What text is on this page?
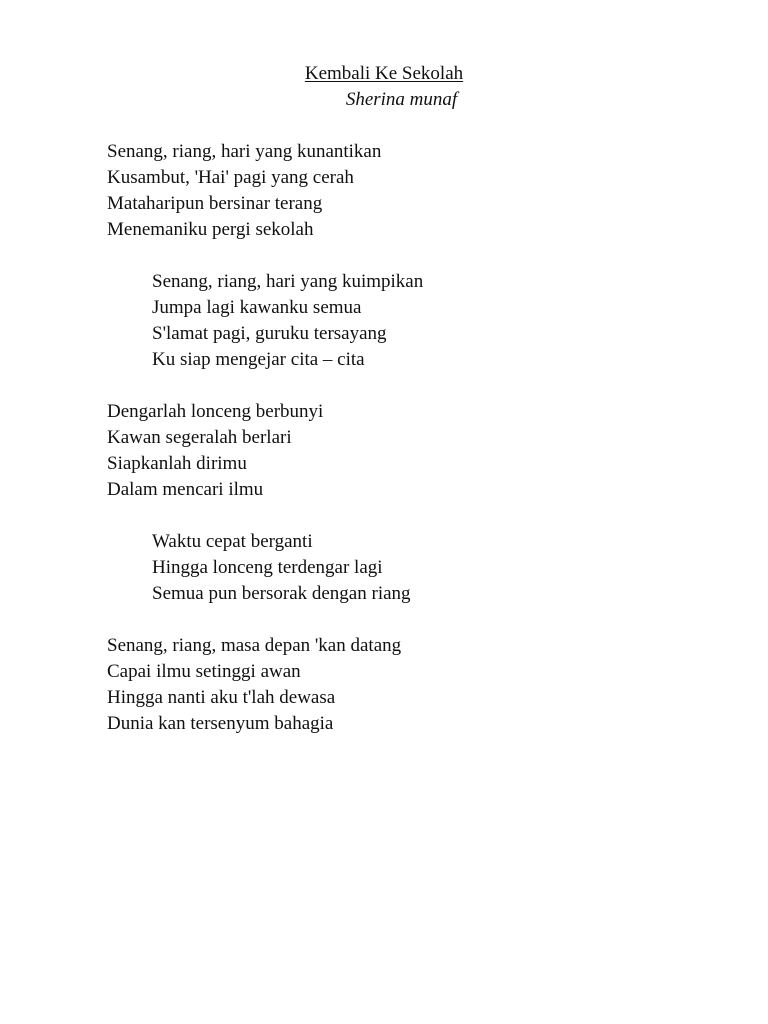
Kembali Ke Sekolah
Sherina munaf
Senang, riang, hari yang kunantikan
Kusambut, 'Hai' pagi yang cerah
Mataharipun bersinar terang
Menemaniku pergi sekolah
Senang, riang, hari yang kuimpikan
Jumpa lagi kawanku semua
S'lamat pagi, guruku tersayang
Ku siap mengejar cita – cita
Dengarlah lonceng berbunyi
Kawan segeralah berlari
Siapkanlah dirimu
Dalam mencari ilmu
Waktu cepat berganti
Hingga lonceng terdengar lagi
Semua pun bersorak dengan riang
Senang, riang, masa depan 'kan datang
Capai ilmu setinggi awan
Hingga nanti aku t'lah dewasa
Dunia kan tersenyum bahagia
